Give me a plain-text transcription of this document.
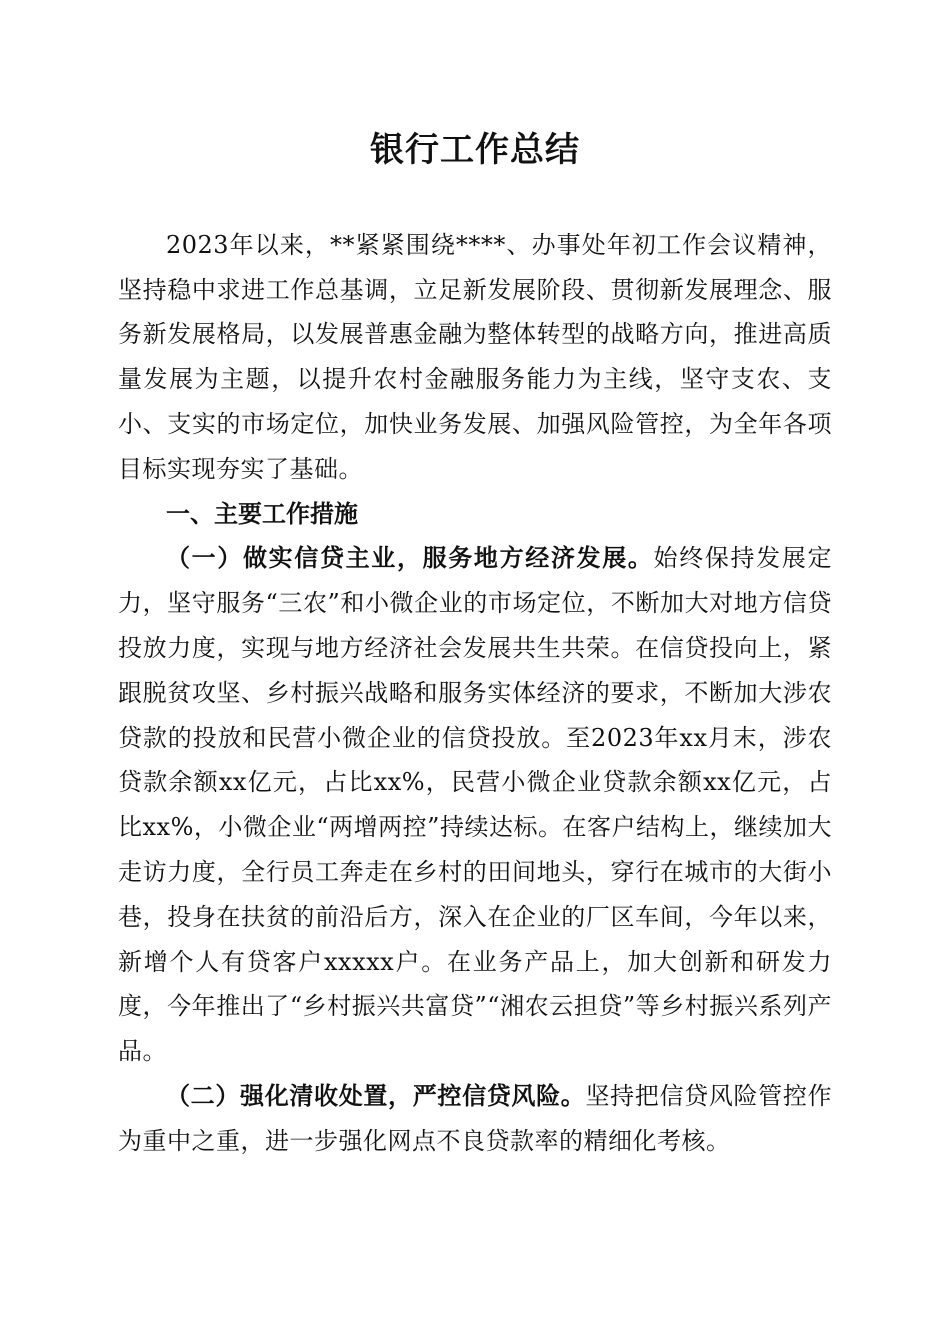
银行工作总结

2023年以来，**紧紧围绕****、办事处年初工作会议精神，坚持稳中求进工作总基调，立足新发展阶段、贯彻新发展理念、服务新发展格局，以发展普惠金融为整体转型的战略方向，推进高质量发展为主题，以提升农村金融服务能力为主线，坚守支农、支小、支实的市场定位，加快业务发展、加强风险管控，为全年各项目标实现夯实了基础。

一、主要工作措施

（一）做实信贷主业，服务地方经济发展。始终保持发展定力，坚守服务“三农”和小微企业的市场定位，不断加大对地方信贷投放力度，实现与地方经济社会发展共生共荣。在信贷投向上，紧跟脱贫攻坚、乡村振兴战略和服务实体经济的要求，不断加大涉农贷款的投放和民营小微企业的信贷投放。至2023年xx月末，涉农贷款余额xx亿元，占比xx%，民营小微企业贷款余额xx亿元，占比xx%，小微企业“两增两控”持续达标。在客户结构上，继续加大走访力度，全行员工奔走在乡村的田间地头，穿行在城市的大街小巷，投身在扶贫的前沿后方，深入在企业的厂区车间，今年以来，新增个人有贷客户xxxxx户。在业务产品上，加大创新和研发力度，今年推出了“乡村振兴共富贷”“湘农云担贷”等乡村振兴系列产品。

（二）强化清收处置，严控信贷风险。坚持把信贷风险管控作为重中之重，进一步强化网点不良贷款率的精细化考核。
